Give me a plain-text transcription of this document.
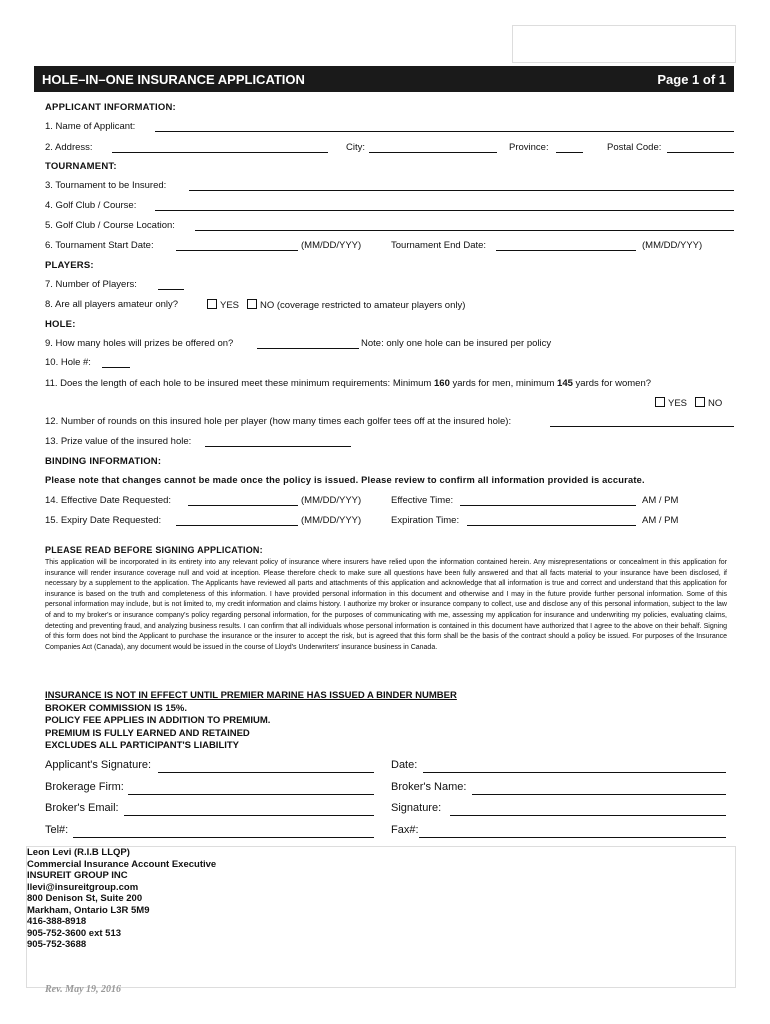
HOLE–IN–ONE INSURANCE APPLICATION	Page 1 of 1
APPLICANT INFORMATION:
1. Name of Applicant:
2. Address:	City:	Province:	Postal Code:
TOURNAMENT:
3. Tournament to be Insured:
4. Golf Club / Course:
5. Golf Club / Course Location:
6. Tournament Start Date:	(MM/DD/YYY)	Tournament End Date:	(MM/DD/YYY)
PLAYERS:
7. Number of Players:
8. Are all players amateur only?	YES	NO (coverage restricted to amateur players only)
HOLE:
9. How many holes will prizes be offered on?	Note: only one hole can be insured per policy
10. Hole #:
11. Does the length of each hole to be insured meet these minimum requirements: Minimum 160 yards for men, minimum 145 yards for women?
YES	NO
12. Number of rounds on this insured hole per player (how many times each golfer tees off at the insured hole):
13. Prize value of the insured hole:
BINDING INFORMATION:
Please note that changes cannot be made once the policy is issued. Please review to confirm all information provided is accurate.
14. Effective Date Requested:	(MM/DD/YYY)	Effective Time:	AM / PM
15. Expiry Date Requested:	(MM/DD/YYY)	Expiration Time:	AM / PM
PLEASE READ BEFORE SIGNING APPLICATION:
This application will be incorporated in its entirety into any relevant policy of insurance where insurers have relied upon the information contained herein. Any misrepresentations or concealment in this application for insurance will render insurance coverage null and void at inception. Please therefore check to make sure all questions have been fully answered and that all facts material to your insurance have been disclosed, if necessary by a supplement to the application. The Applicants have reviewed all parts and attachments of this application and acknowledge that all information is true and correct and understand that this application for insurance is based on the truth and completeness of this information. I have provided personal information in this document and otherwise and I may in the future provide further personal information. Some of this personal information may include, but is not limited to, my credit information and claims history. I authorize my broker or insurance company to collect, use and disclose any of this personal information, subject to the law of and to my broker's or insurance company's policy regarding personal information, for the purposes of communicating with me, assessing my application for insurance and underwriting my policies, evaluating claims, detecting and preventing fraud, and analyzing business results. I can confirm that all individuals whose personal information is contained in this document have authorized that I agree to the above on their behalf. Signing of this form does not bind the Applicant to purchase the insurance or the insurer to accept the risk, but is agreed that this form shall be the basis of the contract should a policy be issued. For purposes of the Insurance Companies Act (Canada), any document would be issued in the course of Lloyd's Underwriters' insurance business in Canada.
INSURANCE IS NOT IN EFFECT UNTIL PREMIER MARINE HAS ISSUED A BINDER NUMBER
BROKER COMMISSION IS 15%.
POLICY FEE APPLIES IN ADDITION TO PREMIUM.
PREMIUM IS FULLY EARNED AND RETAINED
EXCLUDES ALL PARTICIPANT'S LIABILITY
Applicant's Signature:	Date:
Brokerage Firm:	Broker's Name:
Broker's Email:	Signature:
Tel#:	Fax#:
Leon Levi (R.I.B LLQP)
Commercial Insurance Account Executive
INSUREIT GROUP INC
llevi@insureitgroup.com
800 Denison St, Suite 200
Markham, Ontario L3R 5M9
416-388-8918
905-752-3600 ext 513
905-752-3688
Rev. May 19, 2016
